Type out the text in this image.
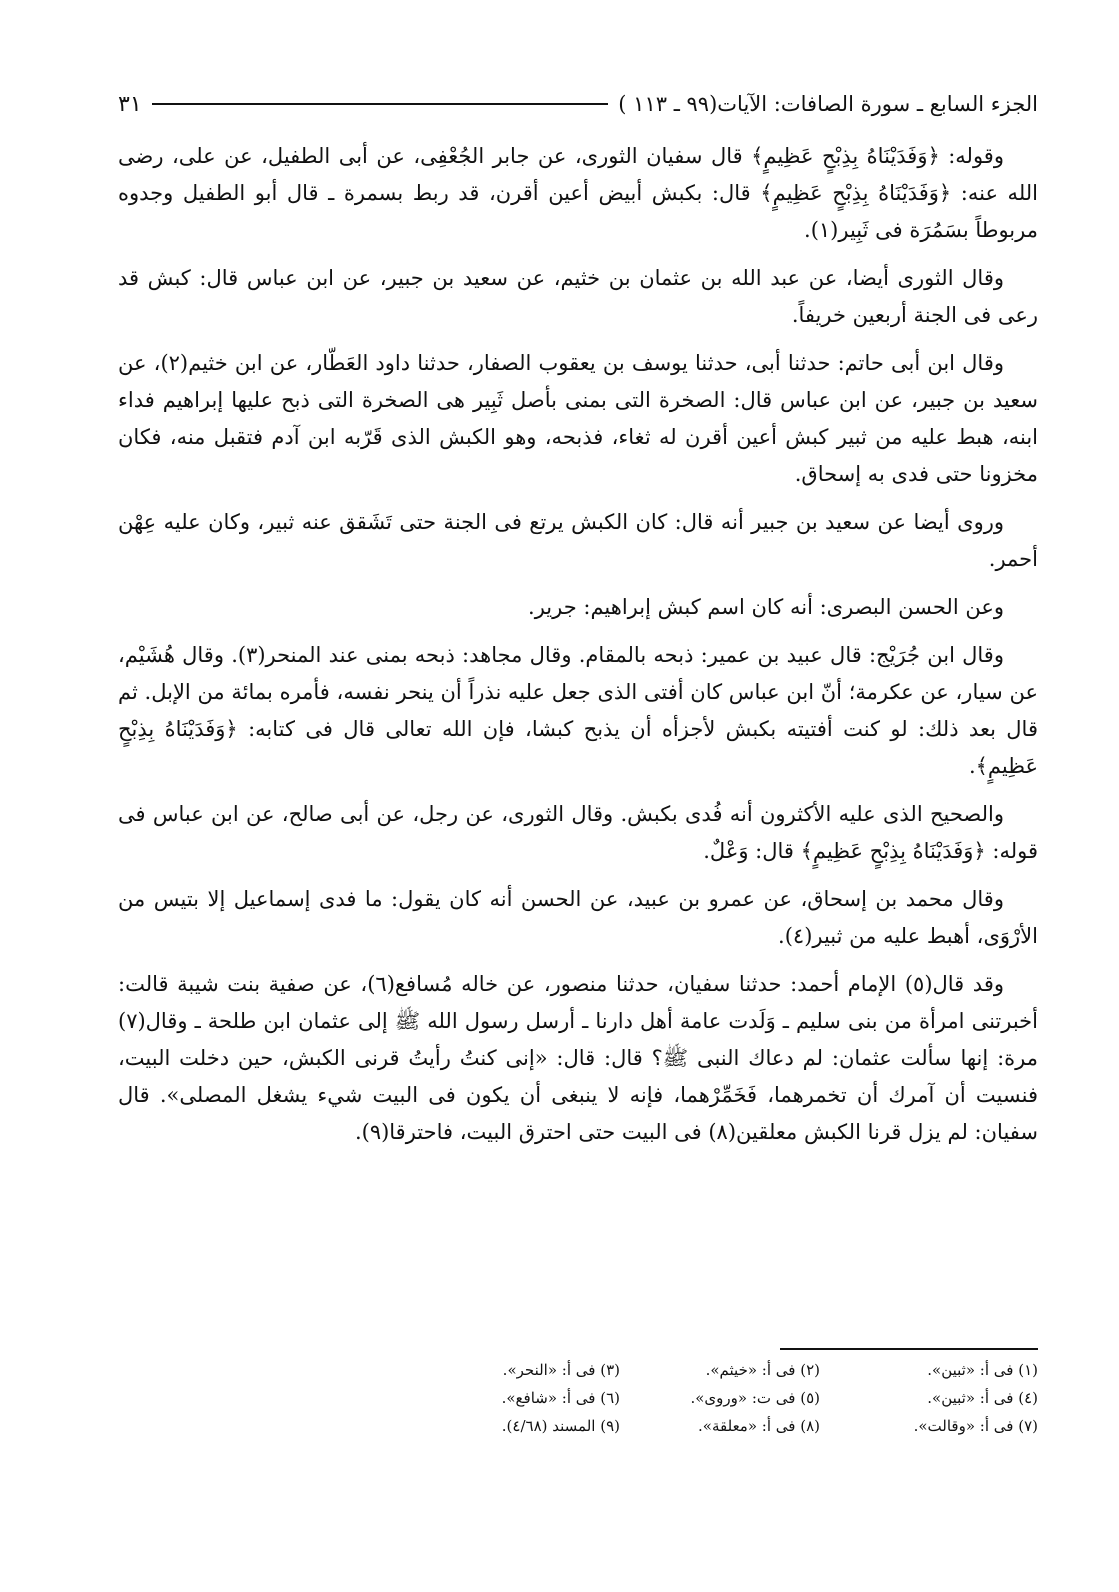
الجزء السابع ـ سورة الصافات: الآيات(٩٩ ـ ١١٣ )
٣١

وقوله: ﴿وَفَدَيْنَاهُ بِذِبْحٍ عَظِيمٍ﴾ قال سفيان الثورى، عن جابر الجُعْفِى، عن أبى الطفيل، عن على، رضى الله عنه: ﴿وَفَدَيْنَاهُ بِذِبْحٍ عَظِيمٍ﴾ قال: بكبش أبيض أعين أقرن، قد ربط بسمرة ـ قال أبو الطفيل وجدوه مربوطاً بسَمُرَة فى ثَبِير(١).

وقال الثورى أيضا، عن عبد الله بن عثمان بن خثيم، عن سعيد بن جبير، عن ابن عباس قال: كبش قد رعى فى الجنة أربعين خريفاً.

وقال ابن أبى حاتم: حدثنا أبى، حدثنا يوسف بن يعقوب الصفار، حدثنا داود العَطّار، عن ابن خثيم(٢)، عن سعيد بن جبير، عن ابن عباس قال: الصخرة التى بمنى بأصل ثَبِير هى الصخرة التى ذبح عليها إبراهيم فداء ابنه، هبط عليه من ثبير كبش أعين أقرن له ثغاء، فذبحه، وهو الكبش الذى قَرّبه ابن آدم فتقبل منه، فكان مخزونا حتى فدى به إسحاق.

وروى أيضا عن سعيد بن جبير أنه قال: كان الكبش يرتع فى الجنة حتى تَشَقق عنه ثبير، وكان عليه عِهْن أحمر.

وعن الحسن البصرى: أنه كان اسم كبش إبراهيم: جرير.

وقال ابن جُرَيْج: قال عبيد بن عمير: ذبحه بالمقام. وقال مجاهد: ذبحه بمنى عند المنحر(٣). وقال هُشَيْم، عن سيار، عن عكرمة؛ أنّ ابن عباس كان أفتى الذى جعل عليه نذراً أن ينحر نفسه، فأمره بمائة من الإبل. ثم قال بعد ذلك: لو كنت أفتيته بكبش لأجزأه أن يذبح كبشا، فإن الله تعالى قال فى كتابه: ﴿وَفَدَيْنَاهُ بِذِبْحٍ عَظِيمٍ﴾.

والصحيح الذى عليه الأكثرون أنه فُدى بكبش. وقال الثورى، عن رجل، عن أبى صالح، عن ابن عباس فى قوله: ﴿وَفَدَيْنَاهُ بِذِبْحٍ عَظِيمٍ﴾ قال: وَعْلٌ.

وقال محمد بن إسحاق، عن عمرو بن عبيد، عن الحسن أنه كان يقول: ما فدى إسماعيل إلا بتيس من الأرْوَى، أهبط عليه من ثبير(٤).

وقد قال(٥) الإمام أحمد: حدثنا سفيان، حدثنا منصور، عن خاله مُسافع(٦)، عن صفية بنت شيبة قالت: أخبرتنى امرأة من بنى سليم ـ وَلَدت عامة أهل دارنا ـ أرسل رسول الله ﷺ إلى عثمان ابن طلحة ـ وقال(٧) مرة: إنها سألت عثمان: لم دعاك النبى ﷺ؟ قال: قال: «إنى كنتُ رأيتُ قرنى الكبش، حين دخلت البيت، فنسيت أن آمرك أن تخمرهما، فَخَمِّرْهما، فإنه لا ينبغى أن يكون فى البيت شيء يشغل المصلى». قال سفيان: لم يزل قرنا الكبش معلقين(٨) فى البيت حتى احترق البيت، فاحترقا(٩).

(١) فى أ: «ثبين».
(٢) فى أ: «خيثم».
(٣) فى أ: «النحر».
(٤) فى أ: «ثبين».
(٥) فى ت: «وروى».
(٦) فى أ: «شافع».
(٧) فى أ: «وقالت».
(٨) فى أ: «معلقة».
(٩) المسند (٤/٦٨).
